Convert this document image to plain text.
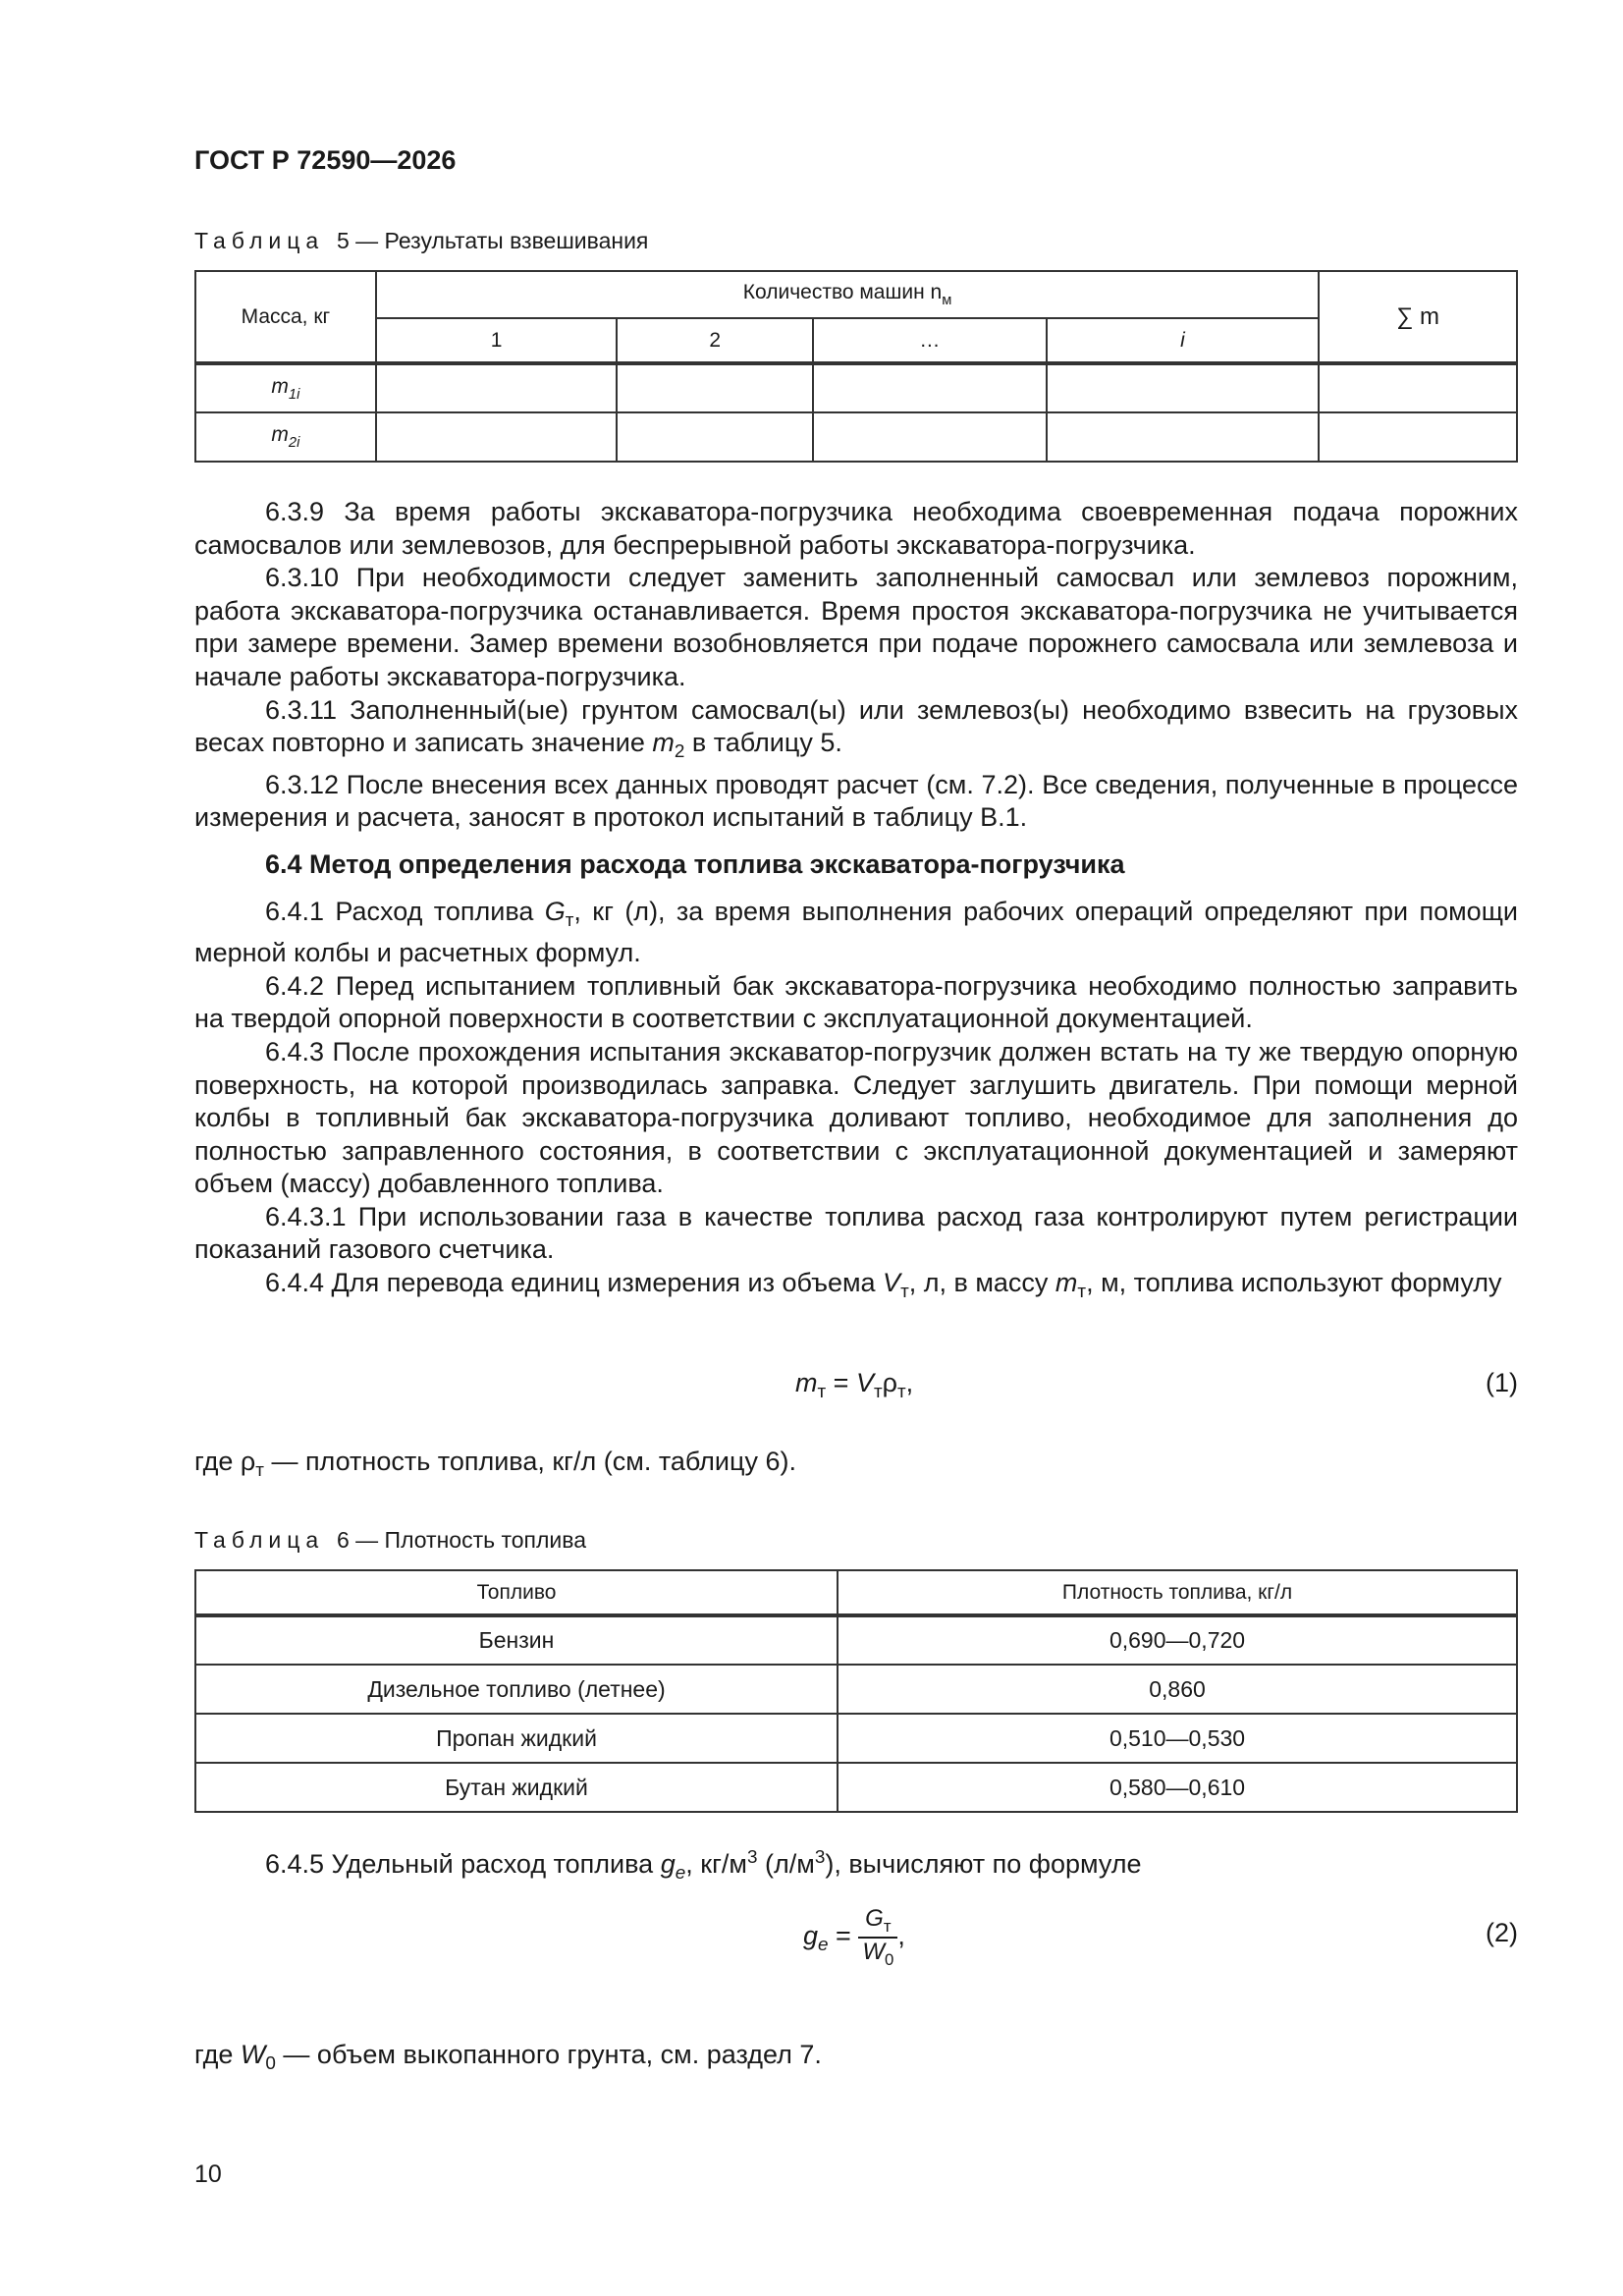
ГОСТ Р 72590—2026
Таблица 5 — Результаты взвешивания
Масса, кг	Количество машин $n_м$				∑ m
	1	2	…	i	
$m_{1i}$					
$m_{2i}$					

6.3.9 За время работы экскаватора-погрузчика необходима своевременная подача порожних самосвалов или землевозов, для беспрерывной работы экскаватора-погрузчика.

6.3.10 При необходимости следует заменить заполненный самосвал или землевоз порожним, работа экскаватора-погрузчика останавливается. Время простоя экскаватора-погрузчика не учитывается при замере времени. Замер времени возобновляется при подаче порожнего самосвала или землевоза и начале работы экскаватора-погрузчика.

6.3.11 Заполненный(ые) грунтом самосвал(ы) или землевоз(ы) необходимо взвесить на грузовых весах повторно и записать значение $m_2$ в таблицу 5.

6.3.12 После внесения всех данных проводят расчет (см. 7.2). Все сведения, полученные в процессе измерения и расчета, заносят в протокол испытаний в таблицу В.1.

6.4 Метод определения расхода топлива экскаватора-погрузчика

6.4.1 Расход топлива $G_т$, кг (л), за время выполнения рабочих операций определяют при помощи мерной колбы и расчетных формул.

6.4.2 Перед испытанием топливный бак экскаватора-погрузчика необходимо полностью заправить на твердой опорной поверхности в соответствии с эксплуатационной документацией.

6.4.3 После прохождения испытания экскаватор-погрузчик должен встать на ту же твердую опорную поверхность, на которой производилась заправка. Следует заглушить двигатель. При помощи мерной колбы в топливный бак экскаватора-погрузчика доливают топливо, необходимое для заполнения до полностью заправленного состояния, в соответствии с эксплуатационной документацией и замеряют объем (массу) добавленного топлива.

6.4.3.1 При использовании газа в качестве топлива расход газа контролируют путем регистрации показаний газового счетчика.

6.4.4 Для перевода единиц измерения из объема $V_т$, л, в массу $m_т$, м, топлива используют формулу

$m_т = V_т\rho_т$,	(1)

где $\rho_т$ — плотность топлива, кг/л (см. таблицу 6).

Таблица 6 — Плотность топлива
Топливо	Плотность топлива, кг/л
Бензин	0,690—0,720
Дизельное топливо (летнее)	0,860
Пропан жидкий	0,510—0,530
Бутан жидкий	0,580—0,610

6.4.5 Удельный расход топлива $g_e$, $кг/м^3$ $(л/м^3)$, вычисляют по формуле

$g_e = \frac{G_т}{W_0}$ ,	(2)

где $W_0$ — объем выкопанного грунта, см. раздел 7.

10
